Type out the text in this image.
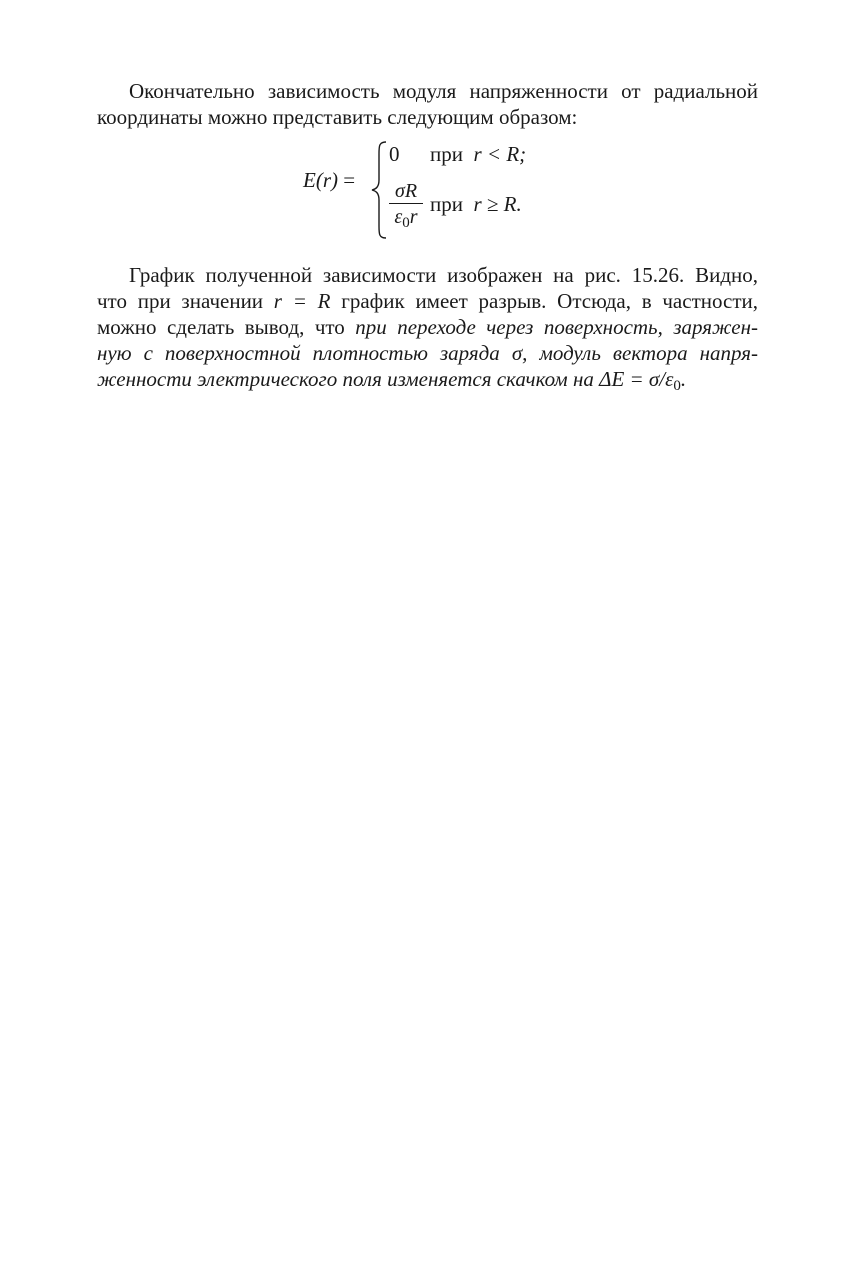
Окончательно зависимость модуля напряженности от радиальной
координаты можно представить следующим образом:

E(r) =
0 при r < R;
σR
$\varepsilon_0r$
при r ≥ R.

График полученной зависимости изображен на рис. 15.26. Видно,
что при значении r = R график имеет разрыв. Отсюда, в частности,
можно сделать вывод, что при переходе через поверхность, заряжен-
ную с поверхностной плотностью заряда σ, модуль вектора напря-
женности электрического поля изменяется скачком на $\Delta E = \sigma/\varepsilon_0$.
